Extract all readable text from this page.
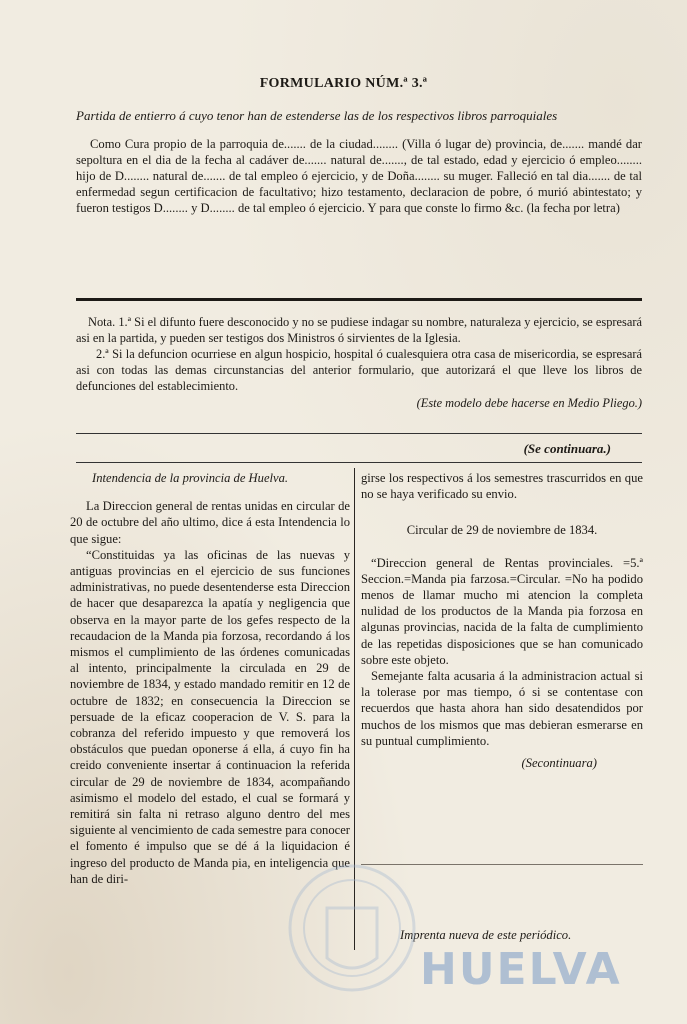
FORMULARIO NÚM.ª 3.ª
Partida de entierro á cuyo tenor han de estenderse las de los respectivos libros parroquiales
Como Cura propio de la parroquia de....... de la ciudad........ (Villa ó lugar de) provincia, de....... mandé dar sepoltura en el dia de la fecha al cadáver de....... natural de......., de tal estado, edad y ejercicio ó empleo........ hijo de D........ natural de....... de tal empleo ó ejercicio, y de Doña........ su muger. Falleció en tal dia....... de tal enfermedad segun certificacion de facultativo; hizo testamento, declaracion de pobre, ó murió abintestato; y fueron testigos D........ y D........ de tal empleo ó ejercicio. Y para que conste lo firmo &c. (la fecha por letra)

Nota. 1.ª Si el difunto fuere desconocido y no se pudiese indagar su nombre, naturaleza y ejercicio, se espresará asi en la partida, y pueden ser testigos dos Ministros ó sirvientes de la Iglesia.

2.ª Si la defuncion ocurriese en algun hospicio, hospital ó cualesquiera otra casa de misericordia, se espresará asi con todas las demas circunstancias del anterior formulario, que autorizará el que lleve los libros de defunciones del establecimiento.

(Este modelo debe hacerse en Medio Pliego.)

(Se continuara.)

Intendencia de la provincia de Huelva.

La Direccion general de rentas unidas en circular de 20 de octubre del año ultimo, dice á esta Intendencia lo que sigue:

“Constituidas ya las oficinas de las nuevas y antiguas provincias en el ejercicio de sus funciones administrativas, no puede desentenderse esta Direccion de hacer que desaparezca la apatía y negligencia que observa en la mayor parte de los gefes respecto de la recaudacion de la Manda pia forzosa, recordando á los mismos el cumplimiento de las órdenes comunicadas al intento, principalmente la circulada en 29 de noviembre de 1834, y estado mandado remitir en 12 de octubre de 1832; en consecuencia la Direccion se persuade de la eficaz cooperacion de V. S. para la cobranza del referido impuesto y que removerá los obstáculos que puedan oponerse á ella, á cuyo fin ha creido conveniente insertar á continuacion la referida circular de 29 de noviembre de 1834, acompañando asimismo el modelo del estado, el cual se formará y remitirá sin falta ni retraso alguno dentro del mes siguiente al vencimiento de cada semestre para conocer el fomento é impulso que se dé á la liquidacion é ingreso del producto de Manda pia, en inteligencia que han de diri-

girse los respectivos á los semestres trascurridos en que no se haya verificado su envio.

Circular de 29 de noviembre de 1834.

“Direccion general de Rentas provinciales. =5.ª Seccion.=Manda pia farzosa.=Circular. =No ha podido menos de llamar mucho mi atencion la completa nulidad de los productos de la Manda pia forzosa en algunas provincias, nacida de la falta de cumplimiento de las repetidas disposiciones que se han comunicado sobre este objeto.

Semejante falta acusaria á la administracion actual si la tolerase por mas tiempo, ó si se contentase con recuerdos que hasta ahora han sido desatendidos por muchos de los mismos que mas debieran esmerarse en su puntual cumplimiento.

(Secontinuara)

Imprenta nueva de este periódico.
HUELVA
